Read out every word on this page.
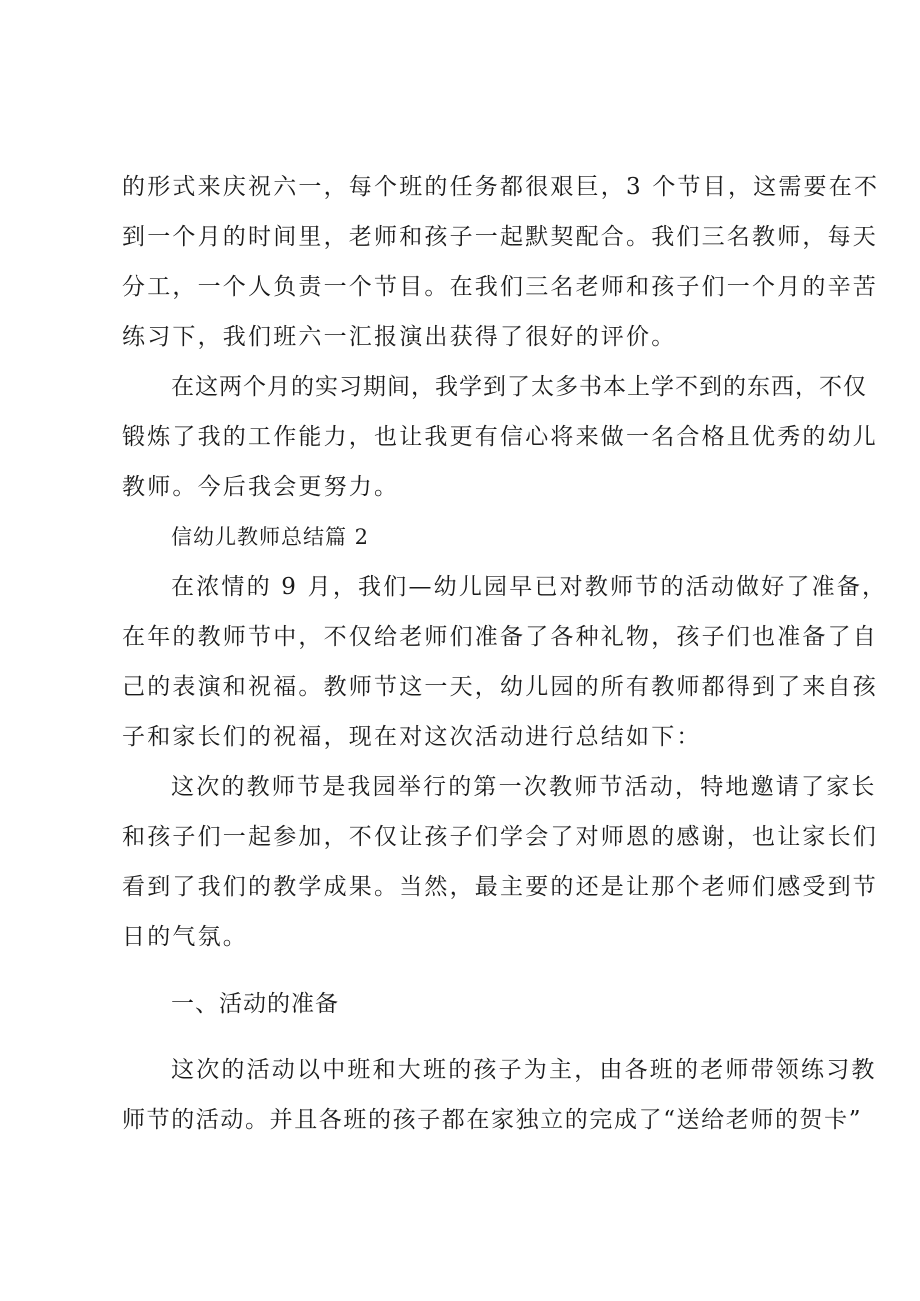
的形式来庆祝六一，每个班的任务都很艰巨，3 个节目，这需要在不
到一个月的时间里，老师和孩子一起默契配合。我们三名教师，每天
分工，一个人负责一个节目。在我们三名老师和孩子们一个月的辛苦
练习下，我们班六一汇报演出获得了很好的评价。
在这两个月的实习期间，我学到了太多书本上学不到的东西，不仅
锻炼了我的工作能力，也让我更有信心将来做一名合格且优秀的幼儿
教师。今后我会更努力。
信幼儿教师总结篇 2
在浓情的 9 月，我们—幼儿园早已对教师节的活动做好了准备，
在年的教师节中，不仅给老师们准备了各种礼物，孩子们也准备了自
己的表演和祝福。教师节这一天，幼儿园的所有教师都得到了来自孩
子和家长们的祝福，现在对这次活动进行总结如下：
这次的教师节是我园举行的第一次教师节活动，特地邀请了家长
和孩子们一起参加，不仅让孩子们学会了对师恩的感谢，也让家长们
看到了我们的教学成果。当然，最主要的还是让那个老师们感受到节
日的气氛。
一、活动的准备
这次的活动以中班和大班的孩子为主，由各班的老师带领练习教
师节的活动。并且各班的孩子都在家独立的完成了“送给老师的贺卡”
